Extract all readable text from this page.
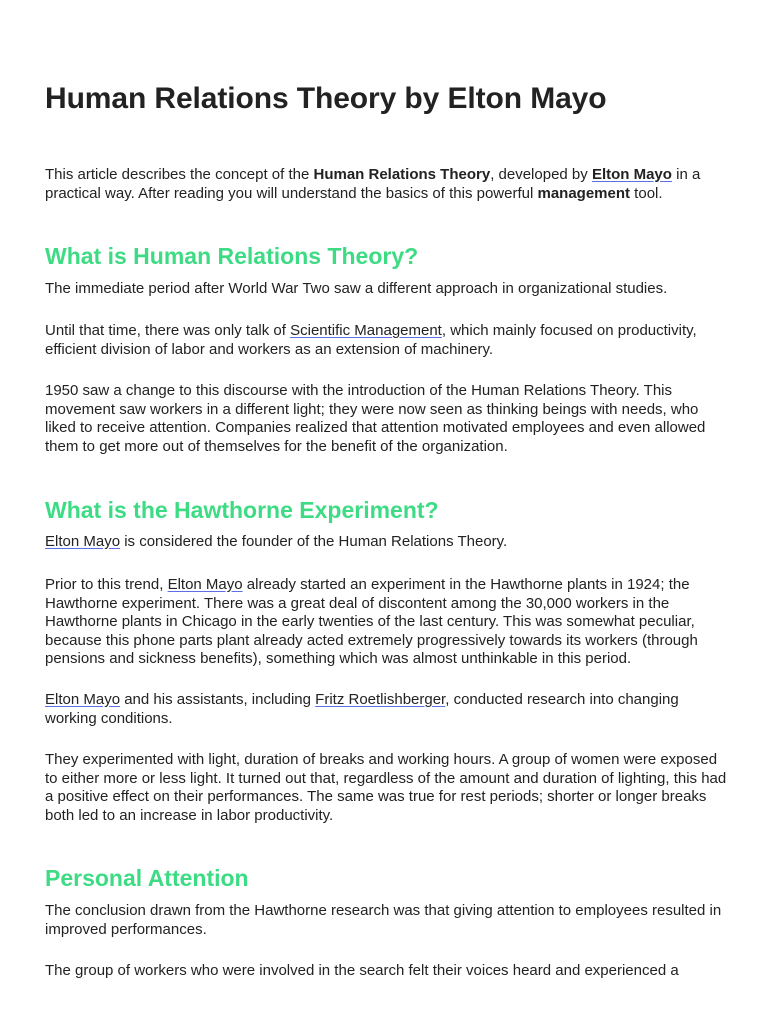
Human Relations Theory by Elton Mayo

This article describes the concept of the Human Relations Theory, developed by Elton Mayo in a practical way. After reading you will understand the basics of this powerful management tool.

What is Human Relations Theory?

The immediate period after World War Two saw a different approach in organizational studies.

Until that time, there was only talk of Scientific Management, which mainly focused on productivity, efficient division of labor and workers as an extension of machinery.

1950 saw a change to this discourse with the introduction of the Human Relations Theory. This movement saw workers in a different light; they were now seen as thinking beings with needs, who liked to receive attention. Companies realized that attention motivated employees and even allowed them to get more out of themselves for the benefit of the organization.

What is the Hawthorne Experiment?

Elton Mayo is considered the founder of the Human Relations Theory.

Prior to this trend, Elton Mayo already started an experiment in the Hawthorne plants in 1924; the Hawthorne experiment. There was a great deal of discontent among the 30,000 workers in the Hawthorne plants in Chicago in the early twenties of the last century. This was somewhat peculiar, because this phone parts plant already acted extremely progressively towards its workers (through pensions and sickness benefits), something which was almost unthinkable in this period.

Elton Mayo and his assistants, including Fritz Roetlishberger, conducted research into changing working conditions.

They experimented with light, duration of breaks and working hours. A group of women were exposed to either more or less light. It turned out that, regardless of the amount and duration of lighting, this had a positive effect on their performances. The same was true for rest periods; shorter or longer breaks both led to an increase in labor productivity.

Personal Attention

The conclusion drawn from the Hawthorne research was that giving attention to employees resulted in improved performances.

The group of workers who were involved in the search felt their voices heard and experienced a
